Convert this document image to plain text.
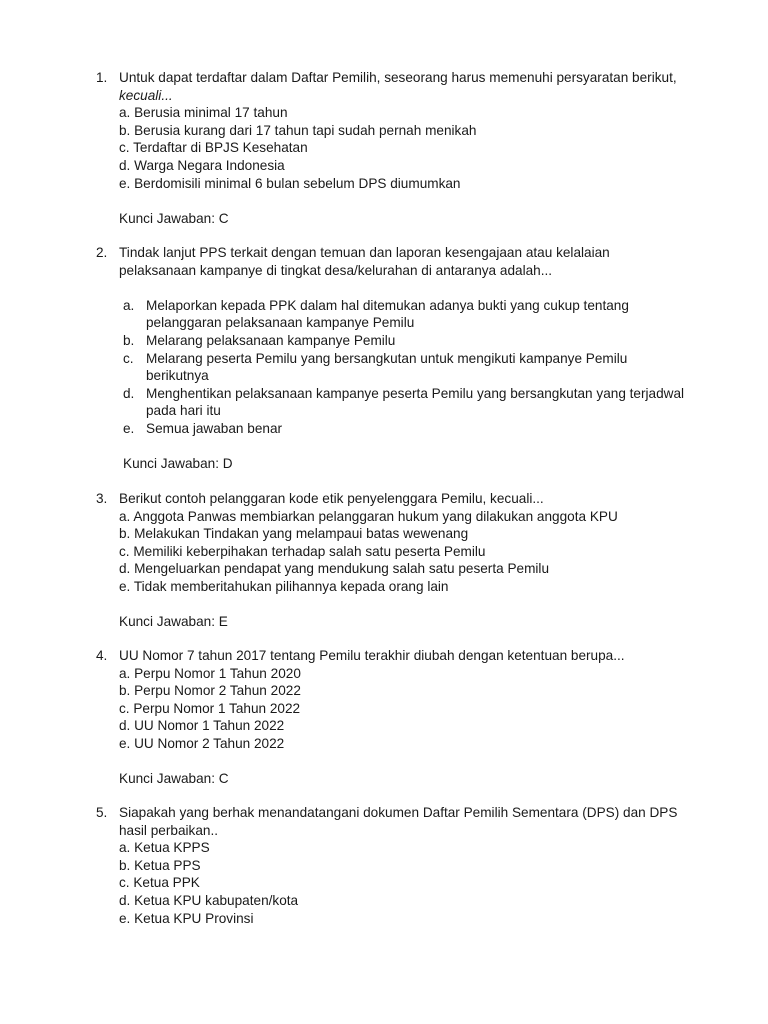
1. Untuk dapat terdaftar dalam Daftar Pemilih, seseorang harus memenuhi persyaratan berikut, kecuali...
a. Berusia minimal 17 tahun
b. Berusia kurang dari 17 tahun tapi sudah pernah menikah
c. Terdaftar di BPJS Kesehatan
d. Warga Negara Indonesia
e. Berdomisili minimal 6 bulan sebelum DPS diumumkan
Kunci Jawaban: C
2. Tindak lanjut PPS terkait dengan temuan dan laporan kesengajaan atau kelalaian pelaksanaan kampanye di tingkat desa/kelurahan di antaranya adalah...
a. Melaporkan kepada PPK dalam hal ditemukan adanya bukti yang cukup tentang pelanggaran pelaksanaan kampanye Pemilu
b. Melarang pelaksanaan kampanye Pemilu
c. Melarang peserta Pemilu yang bersangkutan untuk mengikuti kampanye Pemilu berikutnya
d. Menghentikan pelaksanaan kampanye peserta Pemilu yang bersangkutan yang terjadwal pada hari itu
e. Semua jawaban benar
Kunci Jawaban: D
3. Berikut contoh pelanggaran kode etik penyelenggara Pemilu, kecuali...
a. Anggota Panwas membiarkan pelanggaran hukum yang dilakukan anggota KPU
b. Melakukan Tindakan yang melampaui batas wewenang
c. Memiliki keberpihakan terhadap salah satu peserta Pemilu
d. Mengeluarkan pendapat yang mendukung salah satu peserta Pemilu
e. Tidak memberitahukan pilihannya kepada orang lain
Kunci Jawaban: E
4. UU Nomor 7 tahun 2017 tentang Pemilu terakhir diubah dengan ketentuan berupa...
a. Perpu Nomor 1 Tahun 2020
b. Perpu Nomor 2 Tahun 2022
c. Perpu Nomor 1 Tahun 2022
d. UU Nomor 1 Tahun 2022
e. UU Nomor 2 Tahun 2022
Kunci Jawaban: C
5. Siapakah yang berhak menandatangani dokumen Daftar Pemilih Sementara (DPS) dan DPS hasil perbaikan..
a. Ketua KPPS
b. Ketua PPS
c. Ketua PPK
d. Ketua KPU kabupaten/kota
e. Ketua KPU Provinsi
